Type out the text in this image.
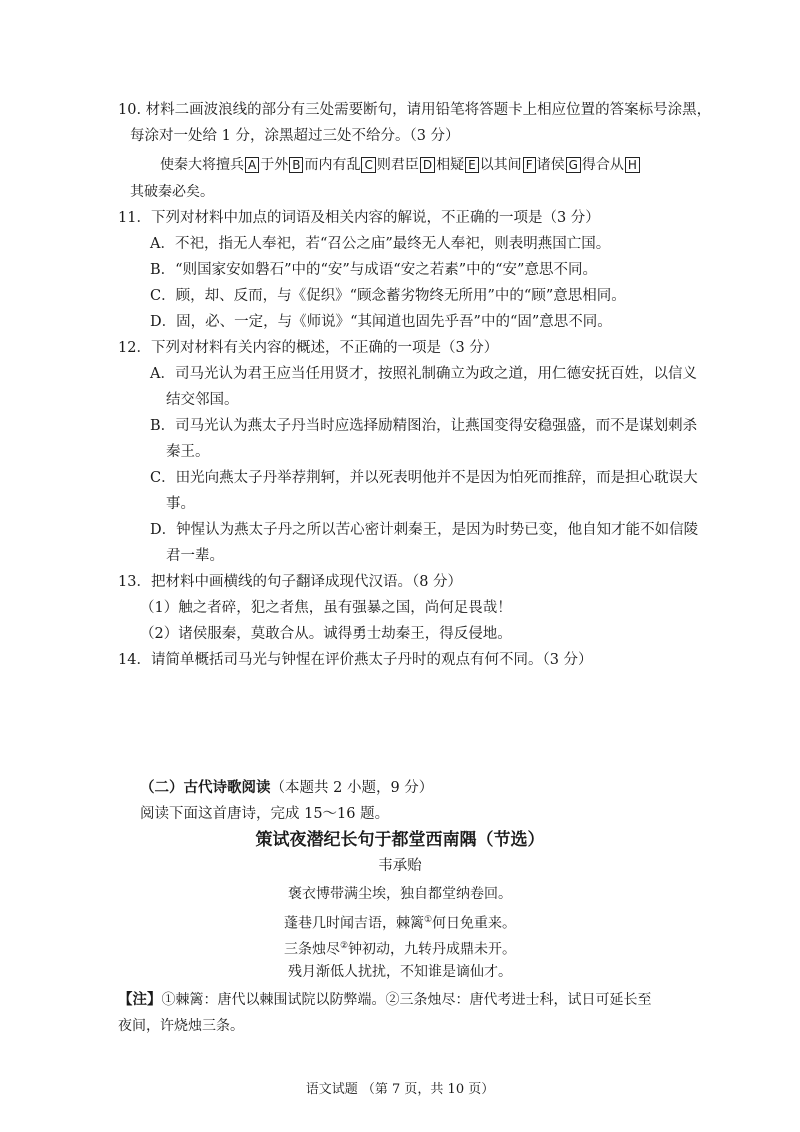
10. 材料二画波浪线的部分有三处需要断句，请用铅笔将答题卡上相应位置的答案标号涂黑，
每涂对一处给 1 分，涂黑超过三处不给分。（3 分）
使秦大将擅兵 A 于外 B 而内有乱 C 则君臣 D 相疑 E 以其间 F 诸侯 G 得合从 H
其破秦必矣。
11．下列对材料中加点的词语及相关内容的解说，不正确的一项是（3 分）
A．不祀，指无人奉祀，若“召公之庙”最终无人奉祀，则表明燕国亡国。
B．“则国家安如磐石”中的“安”与成语“安之若素”中的“安”意思不同。
C．顾，却、反而，与《促织》“顾念蓄劣物终无所用”中的“顾”意思相同。
D．固，必、一定，与《师说》“其闻道也固先乎吾”中的“固”意思不同。
12．下列对材料有关内容的概述，不正确的一项是（3 分）
A．司马光认为君王应当任用贤才，按照礼制确立为政之道，用仁德安抚百姓，以信义
结交邻国。
B．司马光认为燕太子丹当时应选择励精图治，让燕国变得安稳强盛，而不是谋划刺杀
秦王。
C．田光向燕太子丹举荐荆轲，并以死表明他并不是因为怕死而推辞，而是担心耽误大
事。
D．钟惺认为燕太子丹之所以苦心密计刺秦王，是因为时势已变，他自知才能不如信陵
君一辈。
13．把材料中画横线的句子翻译成现代汉语。（8 分）
（1）触之者碎，犯之者焦，虽有强暴之国，尚何足畏哉！
（2）诸侯服秦，莫敢合从。诚得勇士劫秦王，得反侵地。
14．请简单概括司马光与钟惺在评价燕太子丹时的观点有何不同。（3 分）
（二）古代诗歌阅读（本题共 2 小题，9 分）
阅读下面这首唐诗，完成 15～16 题。
策试夜潜纪长句于都堂西南隅（节选）
韦承贻
褒衣博带满尘埃，独自都堂纳卷回。
蓬巷几时闻吉语，棘篱①何日免重来。
三条烛尽②钟初动，九转丹成鼎未开。
残月渐低人扰扰，不知谁是谪仙才。
【注】①棘篱：唐代以棘围试院以防弊端。②三条烛尽：唐代考进士科，试日可延长至
夜间，许烧烛三条。
语文试题 （第 7 页，共 10 页）
